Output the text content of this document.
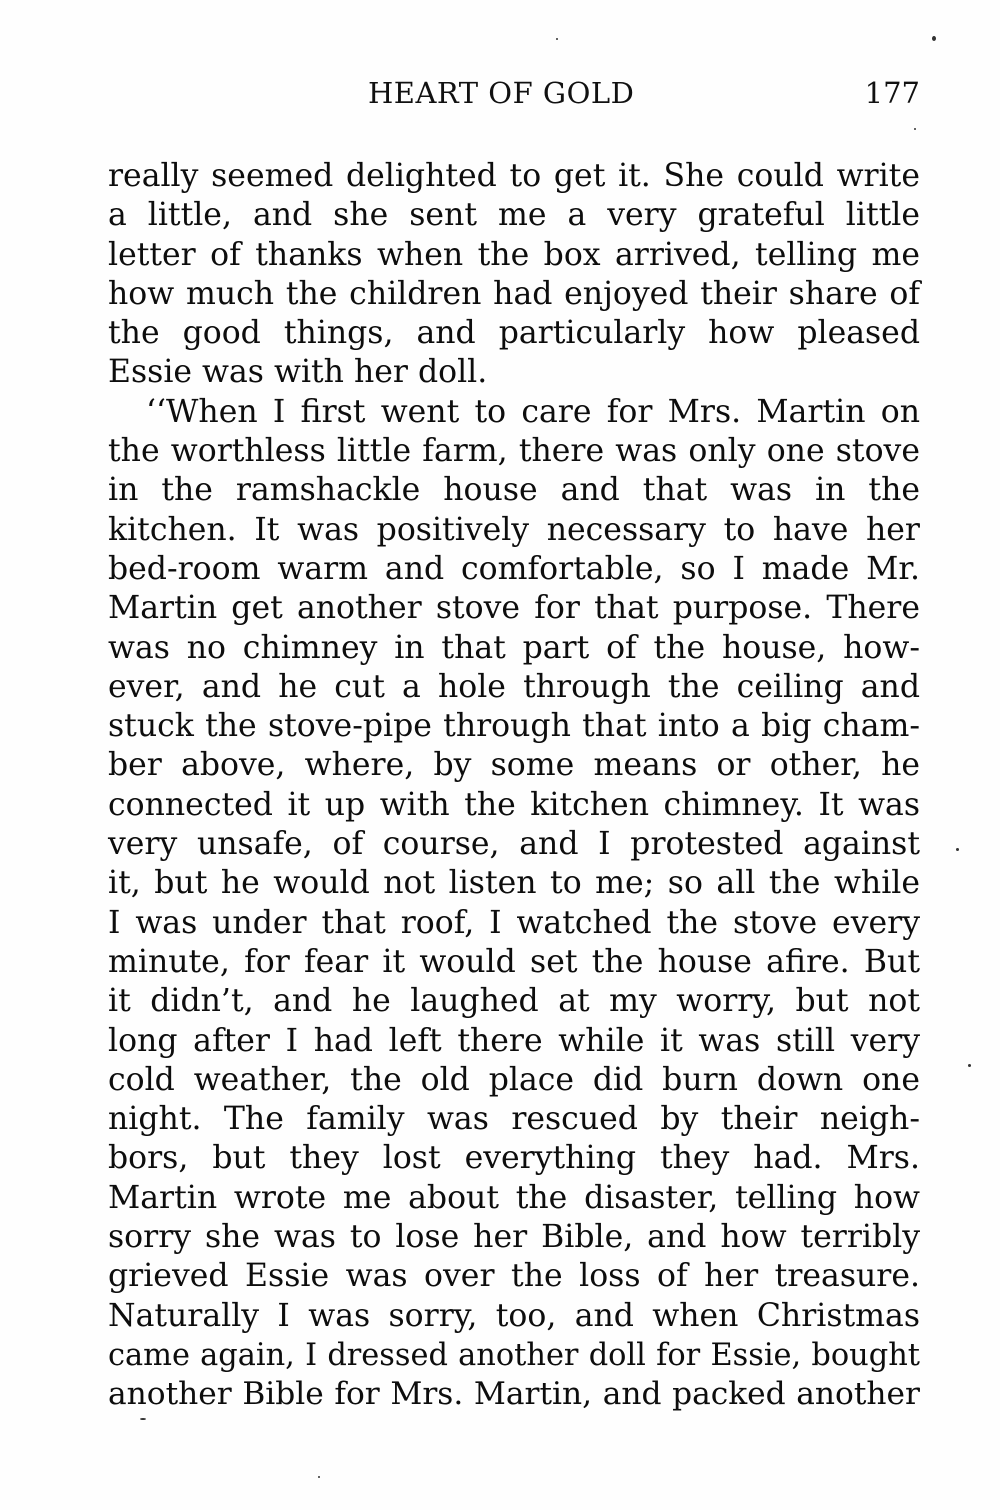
HEART OF GOLD	177
really seemed delighted to get it. She could write
a little, and she sent me a very grateful little
letter of thanks when the box arrived, telling me
how much the children had enjoyed their share of
the good things, and particularly how pleased
Essie was with her doll.
‘‘When I first went to care for Mrs. Martin on
the worthless little farm, there was only one stove
in the ramshackle house and that was in the
kitchen. It was positively necessary to have her
bed-room warm and comfortable, so I made Mr.
Martin get another stove for that purpose. There
was no chimney in that part of the house, how-
ever, and he cut a hole through the ceiling and
stuck the stove-pipe through that into a big cham-
ber above, where, by some means or other, he
connected it up with the kitchen chimney. It was
very unsafe, of course, and I protested against
it, but he would not listen to me; so all the while
I was under that roof, I watched the stove every
minute, for fear it would set the house afire. But
it didn’t, and he laughed at my worry, but not
long after I had left there while it was still very
cold weather, the old place did burn down one
night. The family was rescued by their neigh-
bors, but they lost everything they had. Mrs.
Martin wrote me about the disaster, telling how
sorry she was to lose her Bible, and how terribly
grieved Essie was over the loss of her treasure.
Naturally I was sorry, too, and when Christmas
came again, I dressed another doll for Essie, bought
another Bible for Mrs. Martin, and packed another
